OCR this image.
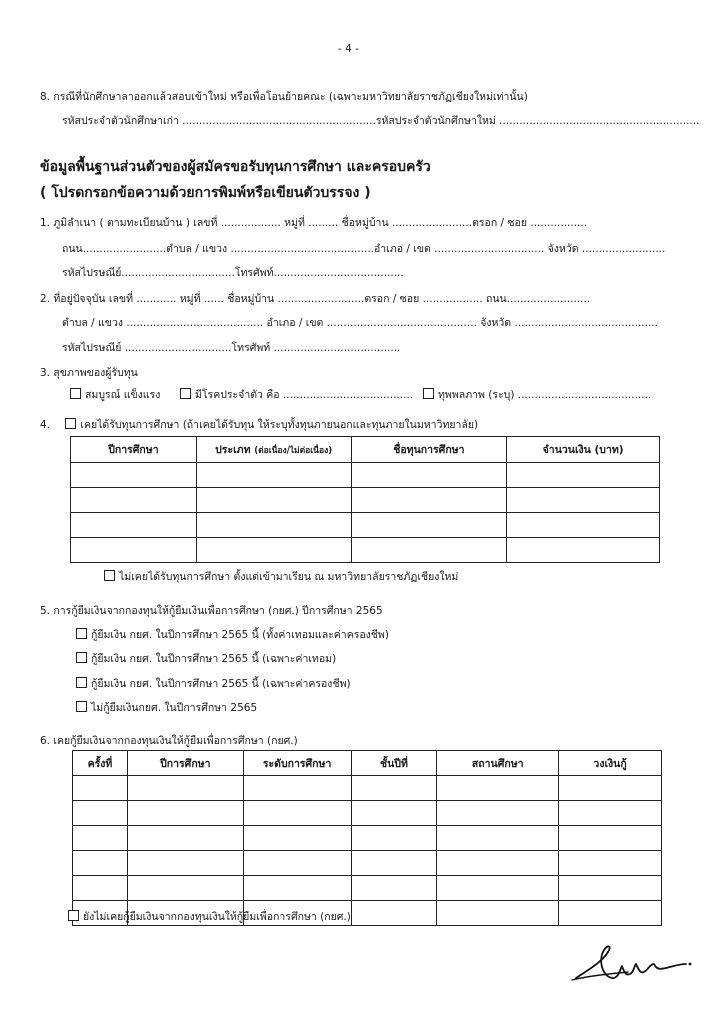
- 4 -
8. กรณีที่นักศึกษาลาออกแล้วสอบเข้าใหม่ หรือเพื่อโอนย้ายคณะ (เฉพาะมหาวิทยาลัยราชภัฏเชียงใหม่เท่านั้น)
รหัสประจำตัวนักศึกษาเก่า ..........................................................รหัสประจำตัวนักศึกษาใหม่ ............................................................
ข้อมูลพื้นฐานส่วนตัวของผู้สมัครขอรับทุนการศึกษา และครอบครัว
( โปรดกรอกข้อความด้วยการพิมพ์หรือเขียนตัวบรรจง )
1. ภูมิลำเนา ( ตามทะเบียนบ้าน ) เลขที่ .................. หมู่ที่ ......... ชื่อหมู่บ้าน ........................ตรอก / ซอย .................
ถนน.........................ตำบล / แขวง ...........................................อำเภอ / เขต ................................. จังหวัด .........................
รหัสไปรษณีย์..................................โทรศัพท์.......................................
2. ที่อยู่ปัจจุบัน เลขที่ ............ หมู่ที่ ...... ชื่อหมู่บ้าน ..........................ตรอก / ซอย .................. ถนน.........................
ตำบล / แขวง ......................................... อำเภอ / เขต ............................................. จังหวัด ...........................................
รหัสไปรษณีย์ ................................โทรศัพท์ ......................................
3. สุขภาพของผู้รับทุน
สมบูรณ์ แข็งแรง	มีโรคประจำตัว คือ .......................................	ทุพพลภาพ (ระบุ) ........................................
4.	เคยได้รับทุนการศึกษา (ถ้าเคยได้รับทุน ให้ระบุทั้งทุนภายนอกและทุนภายในมหาวิทยาลัย)
ปีการศึกษา	ประเภท (ต่อเนื่อง/ไม่ต่อเนื่อง)	ชื่อทุนการศึกษา	จำนวนเงิน (บาท)

ไม่เคยได้รับทุนการศึกษา ตั้งแต่เข้ามาเรียน ณ มหาวิทยาลัยราชภัฏเชียงใหม่
5. การกู้ยืมเงินจากกองทุนให้กู้ยืมเงินเพื่อการศึกษา (กยศ.) ปีการศึกษา 2565
กู้ยืมเงิน กยศ. ในปีการศึกษา 2565 นี้ (ทั้งค่าเทอมและค่าครองชีพ)
กู้ยืมเงิน กยศ. ในปีการศึกษา 2565 นี้ (เฉพาะค่าเทอม)
กู้ยืมเงิน กยศ. ในปีการศึกษา 2565 นี้ (เฉพาะค่าครองชีพ)
ไม่กู้ยืมเงินกยศ. ในปีการศึกษา 2565
6. เคยกู้ยืมเงินจากกองทุนเงินให้กู้ยืมเพื่อการศึกษา (กยศ.)
ครั้งที่	ปีการศึกษา	ระดับการศึกษา	ชั้นปีที่	สถานศึกษา	วงเงินกู้

ยังไม่เคยกู้ยืมเงินจากกองทุนเงินให้กู้ยืมเพื่อการศึกษา (กยศ.)
